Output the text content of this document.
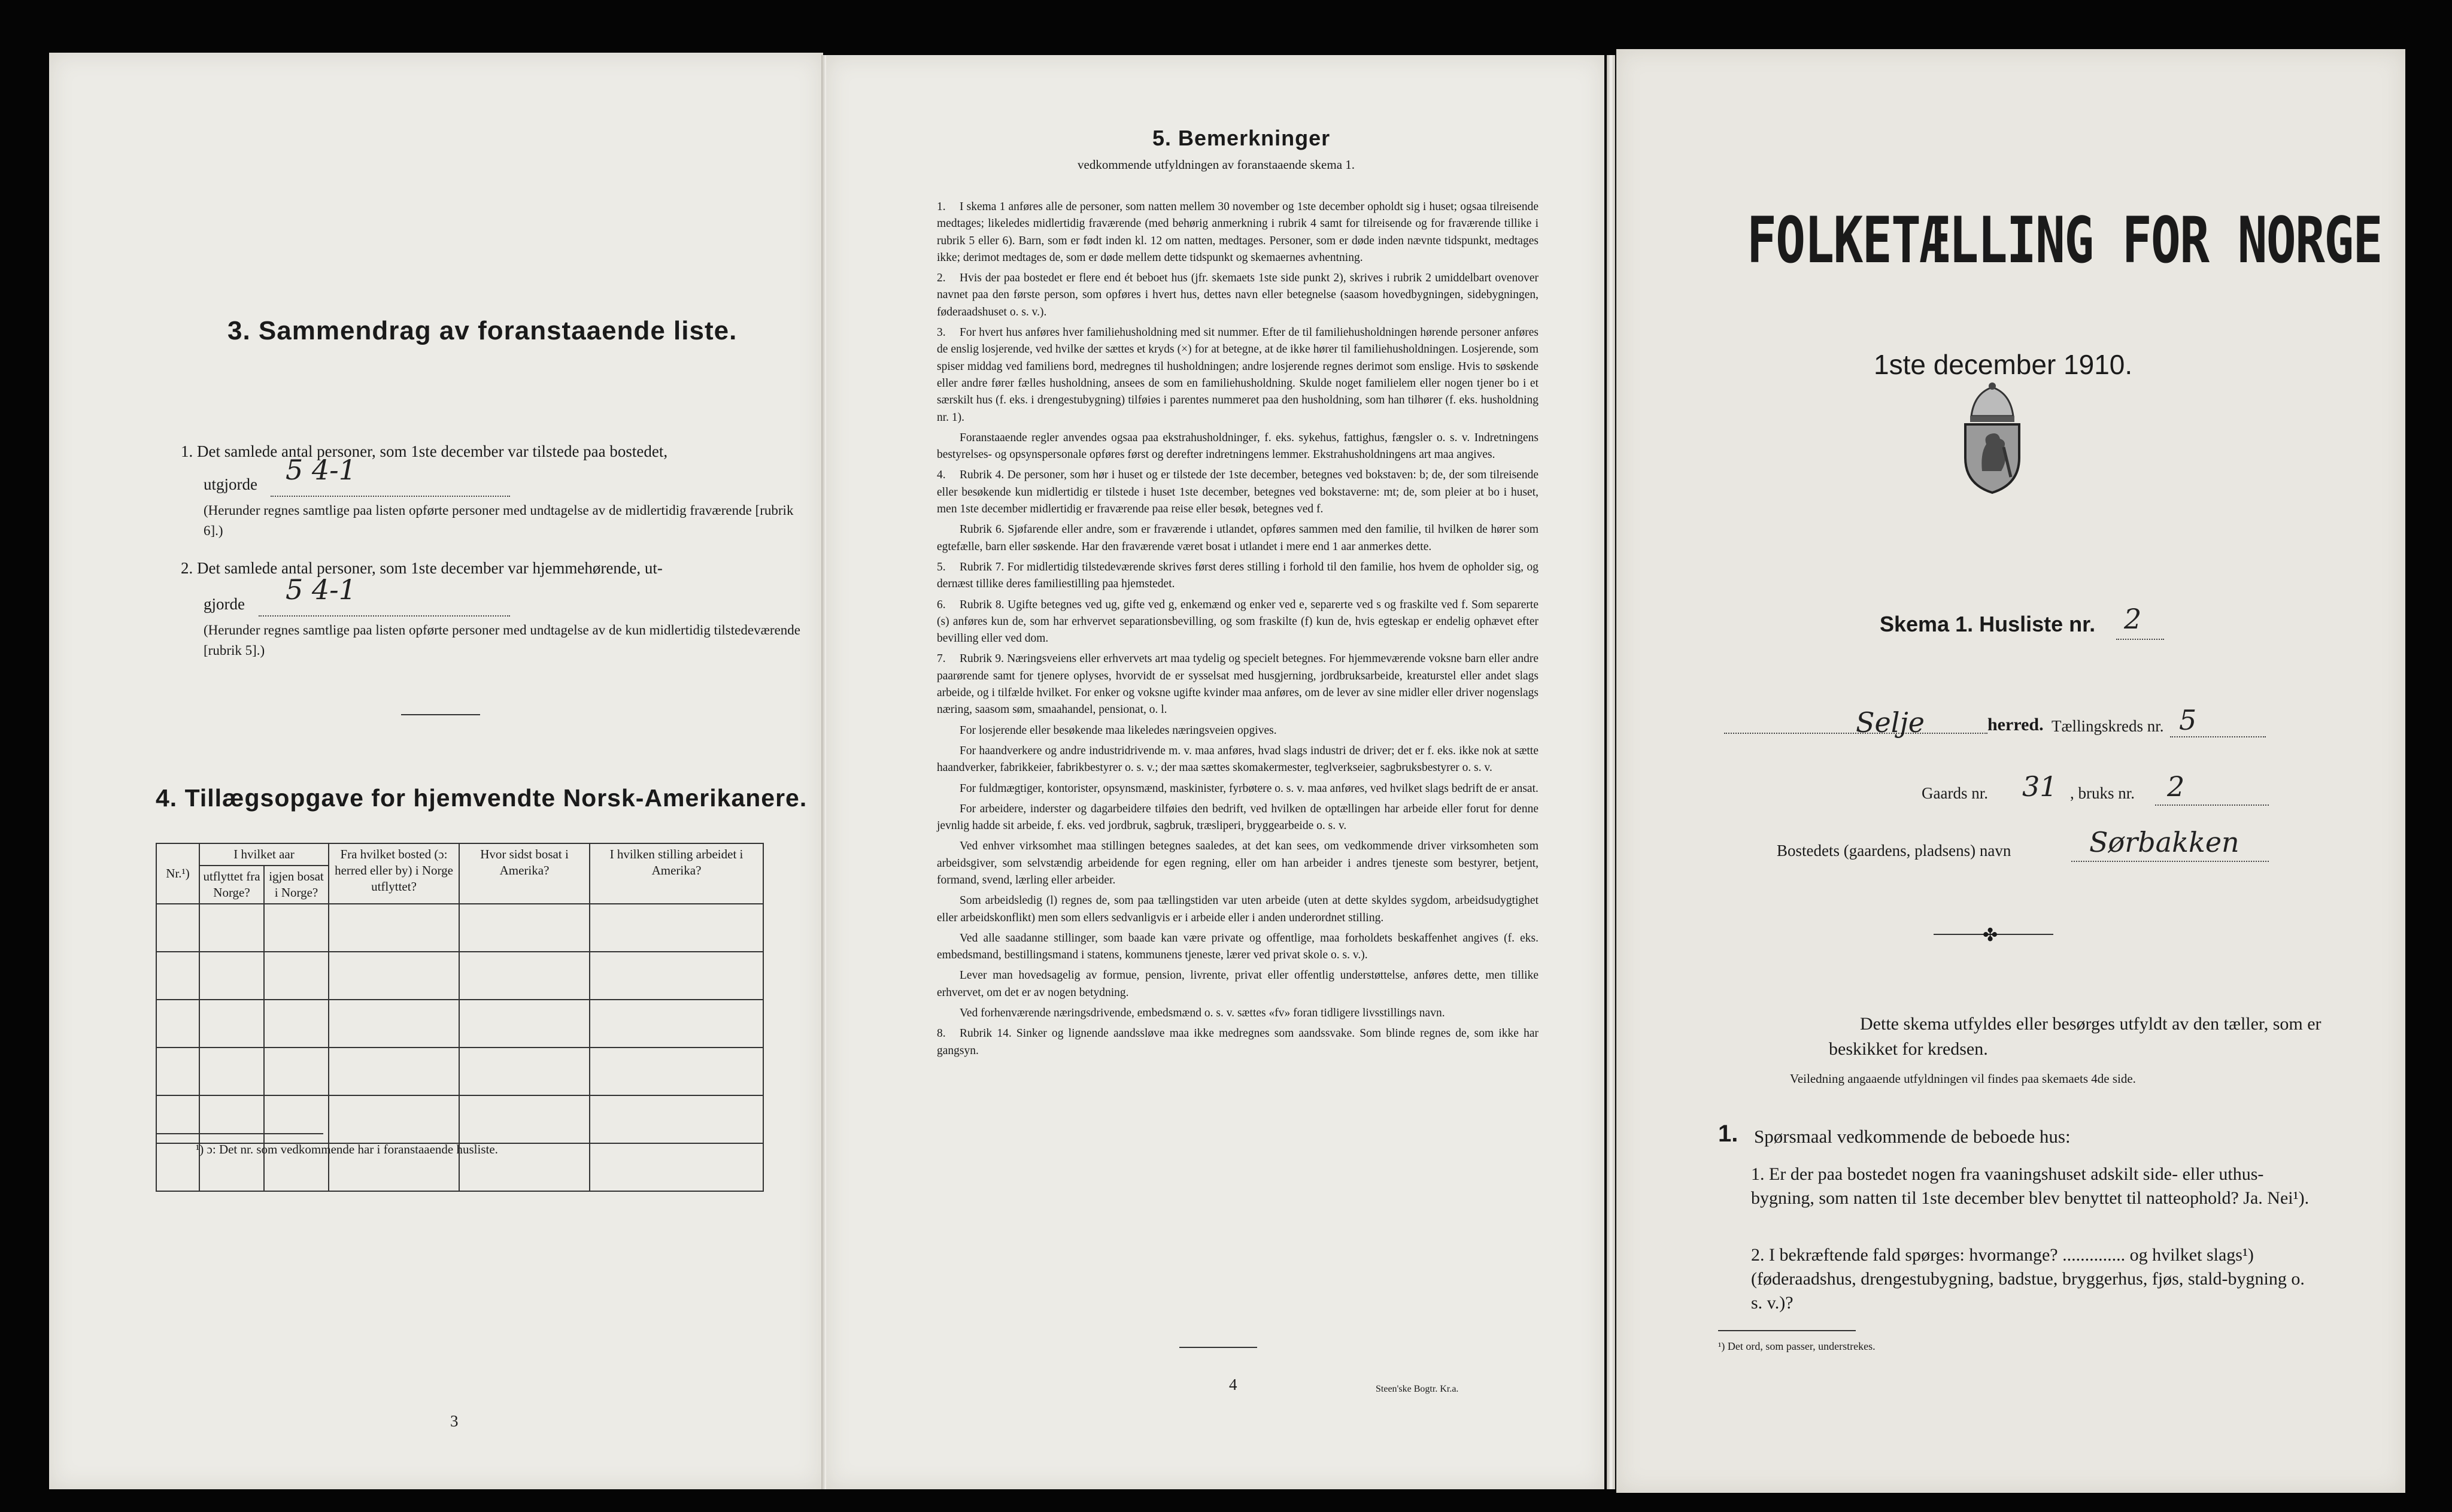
3. Sammendrag av foranstaaende liste.
1. Det samlede antal personer, som 1ste december var tilstede paa bostedet,
utgjorde 5 4-1
(Herunder regnes samtlige paa listen opførte personer med undtagelse av de midlertidig fraværende [rubrik 6].)
2. Det samlede antal personer, som 1ste december var hjemmehørende, ut-
gjorde 5 4-1
(Herunder regnes samtlige paa listen opførte personer med undtagelse av de kun midlertidig tilstedeværende [rubrik 5].)
4. Tillægsopgave for hjemvendte Norsk-Amerikanere.
Nr.¹)	I hvilket aar		Fra hvilket bosted (ɔ: herred eller by) i Norge utflyttet?	Hvor sidst bosat i Amerika?	I hvilken stilling arbeidet i Amerika?
	utflyttet fra Norge?	igjen bosat i Norge?			

¹) ɔ: Det nr. som vedkommende har i foranstaaende husliste.
3
5. Bemerkninger
vedkommende utfyldningen av foranstaaende skema 1.

1. I skema 1 anføres alle de personer, som natten mellem 30 november og 1ste december opholdt sig i huset; ogsaa tilreisende medtages; likeledes midlertidig fraværende (med behørig anmerkning i rubrik 4 samt for tilreisende og for fraværende tillike i rubrik 5 eller 6). Barn, som er født inden kl. 12 om natten, medtages. Personer, som er døde inden nævnte tidspunkt, medtages ikke; derimot medtages de, som er døde mellem dette tidspunkt og skemaernes avhentning.

2. Hvis der paa bostedet er flere end ét beboet hus (jfr. skemaets 1ste side punkt 2), skrives i rubrik 2 umiddelbart ovenover navnet paa den første person, som opføres i hvert hus, dettes navn eller betegnelse (saasom hovedbygningen, sidebygningen, føderaadshuset o. s. v.).

3. For hvert hus anføres hver familiehusholdning med sit nummer. Efter de til familiehusholdningen hørende personer anføres de enslig losjerende, ved hvilke der sættes et kryds (×) for at betegne, at de ikke hører til familiehusholdningen. Losjerende, som spiser middag ved familiens bord, medregnes til husholdningen; andre losjerende regnes derimot som enslige. Hvis to søskende eller andre fører fælles husholdning, ansees de som en familiehusholdning. Skulde noget familielem eller nogen tjener bo i et særskilt hus (f. eks. i drengestubygning) tilføies i parentes nummeret paa den husholdning, som han tilhører (f. eks. husholdning nr. 1).

Foranstaaende regler anvendes ogsaa paa ekstrahusholdninger, f. eks. sykehus, fattighus, fængsler o. s. v. Indretningens bestyrelses- og opsynspersonale opføres først og derefter indretningens lemmer. Ekstrahusholdningens art maa angives.

4. Rubrik 4. De personer, som hør i huset og er tilstede der 1ste december, betegnes ved bokstaven: b; de, der som tilreisende eller besøkende kun midlertidig er tilstede i huset 1ste december, betegnes ved bokstaverne: mt; de, som pleier at bo i huset, men 1ste december midlertidig er fraværende paa reise eller besøk, betegnes ved f.

Rubrik 6. Sjøfarende eller andre, som er fraværende i utlandet, opføres sammen med den familie, til hvilken de hører som egtefælle, barn eller søskende. Har den fraværende været bosat i utlandet i mere end 1 aar anmerkes dette.

5. Rubrik 7. For midlertidig tilstedeværende skrives først deres stilling i forhold til den familie, hos hvem de opholder sig, og dernæst tillike deres familiestilling paa hjemstedet.

6. Rubrik 8. Ugifte betegnes ved ug, gifte ved g, enkemænd og enker ved e, separerte ved s og fraskilte ved f. Som separerte (s) anføres kun de, som har erhvervet separationsbevilling, og som fraskilte (f) kun de, hvis egteskap er endelig ophævet efter bevilling eller ved dom.

7. Rubrik 9. Næringsveiens eller erhvervets art maa tydelig og specielt betegnes. For hjemmeværende voksne barn eller andre paarørende samt for tjenere oplyses, hvorvidt de er sysselsat med husgjerning, jordbruksarbeide, kreaturstel eller andet slags arbeide, og i tilfælde hvilket. For enker og voksne ugifte kvinder maa anføres, om de lever av sine midler eller driver nogenslags næring, saasom søm, smaahandel, pensionat, o. l.

For losjerende eller besøkende maa likeledes næringsveien opgives.

For haandverkere og andre industridrivende m. v. maa anføres, hvad slags industri de driver; det er f. eks. ikke nok at sætte haandverker, fabrikkeier, fabrikbestyrer o. s. v.; der maa sættes skomakermester, teglverkseier, sagbruksbestyrer o. s. v.

For fuldmægtiger, kontorister, opsynsmænd, maskinister, fyrbøtere o. s. v. maa anføres, ved hvilket slags bedrift de er ansat.

For arbeidere, inderster og dagarbeidere tilføies den bedrift, ved hvilken de optællingen har arbeide eller forut for denne jevnlig hadde sit arbeide, f. eks. ved jordbruk, sagbruk, træsliperi, bryggearbeide o. s. v.

Ved enhver virksomhet maa stillingen betegnes saaledes, at det kan sees, om vedkommende driver virksomheten som arbeidsgiver, som selvstændig arbeidende for egen regning, eller om han arbeider i andres tjeneste som bestyrer, betjent, formand, svend, lærling eller arbeider.

Som arbeidsledig (l) regnes de, som paa tællingstiden var uten arbeide (uten at dette skyldes sygdom, arbeidsudygtighet eller arbeidskonflikt) men som ellers sedvanligvis er i arbeide eller i anden underordnet stilling.

Ved alle saadanne stillinger, som baade kan være private og offentlige, maa forholdets beskaffenhet angives (f. eks. embedsmand, bestillingsmand i statens, kommunens tjeneste, lærer ved privat skole o. s. v.).

Lever man hovedsagelig av formue, pension, livrente, privat eller offentlig understøttelse, anføres dette, men tillike erhvervet, om det er av nogen betydning.

Ved forhenværende næringsdrivende, embedsmænd o. s. v. sættes «fv» foran tidligere livsstillings navn.

8. Rubrik 14. Sinker og lignende aandssløve maa ikke medregnes som aandssvake. Som blinde regnes de, som ikke har gangsyn.

4	Steen'ske Bogtr. Kr.a.
FOLKETÆLLING FOR NORGE
1ste december 1910.
Skema 1. Husliste nr. 2
Selje	herred. Tællingskreds nr. 5
Gaards nr. 31 , bruks nr. 2
Bostedets (gaardens, pladsens) navn	Sørbakken
✤
Dette skema utfyldes eller besørges utfyldt av den tæller, som er beskikket for kredsen.
Veiledning angaaende utfyldningen vil findes paa skemaets 4de side.
1. Spørsmaal vedkommende de beboede hus:
1. Er der paa bostedet nogen fra vaaningshuset adskilt side- eller uthus-bygning, som natten til 1ste december blev benyttet til natteophold? Ja. Nei¹).
2. I bekræftende fald spørges: hvormange? .............. og hvilket slags¹) (føderaadshus, drengestubygning, badstue, bryggerhus, fjøs, stald-bygning o. s. v.)?
¹) Det ord, som passer, understrekes.
